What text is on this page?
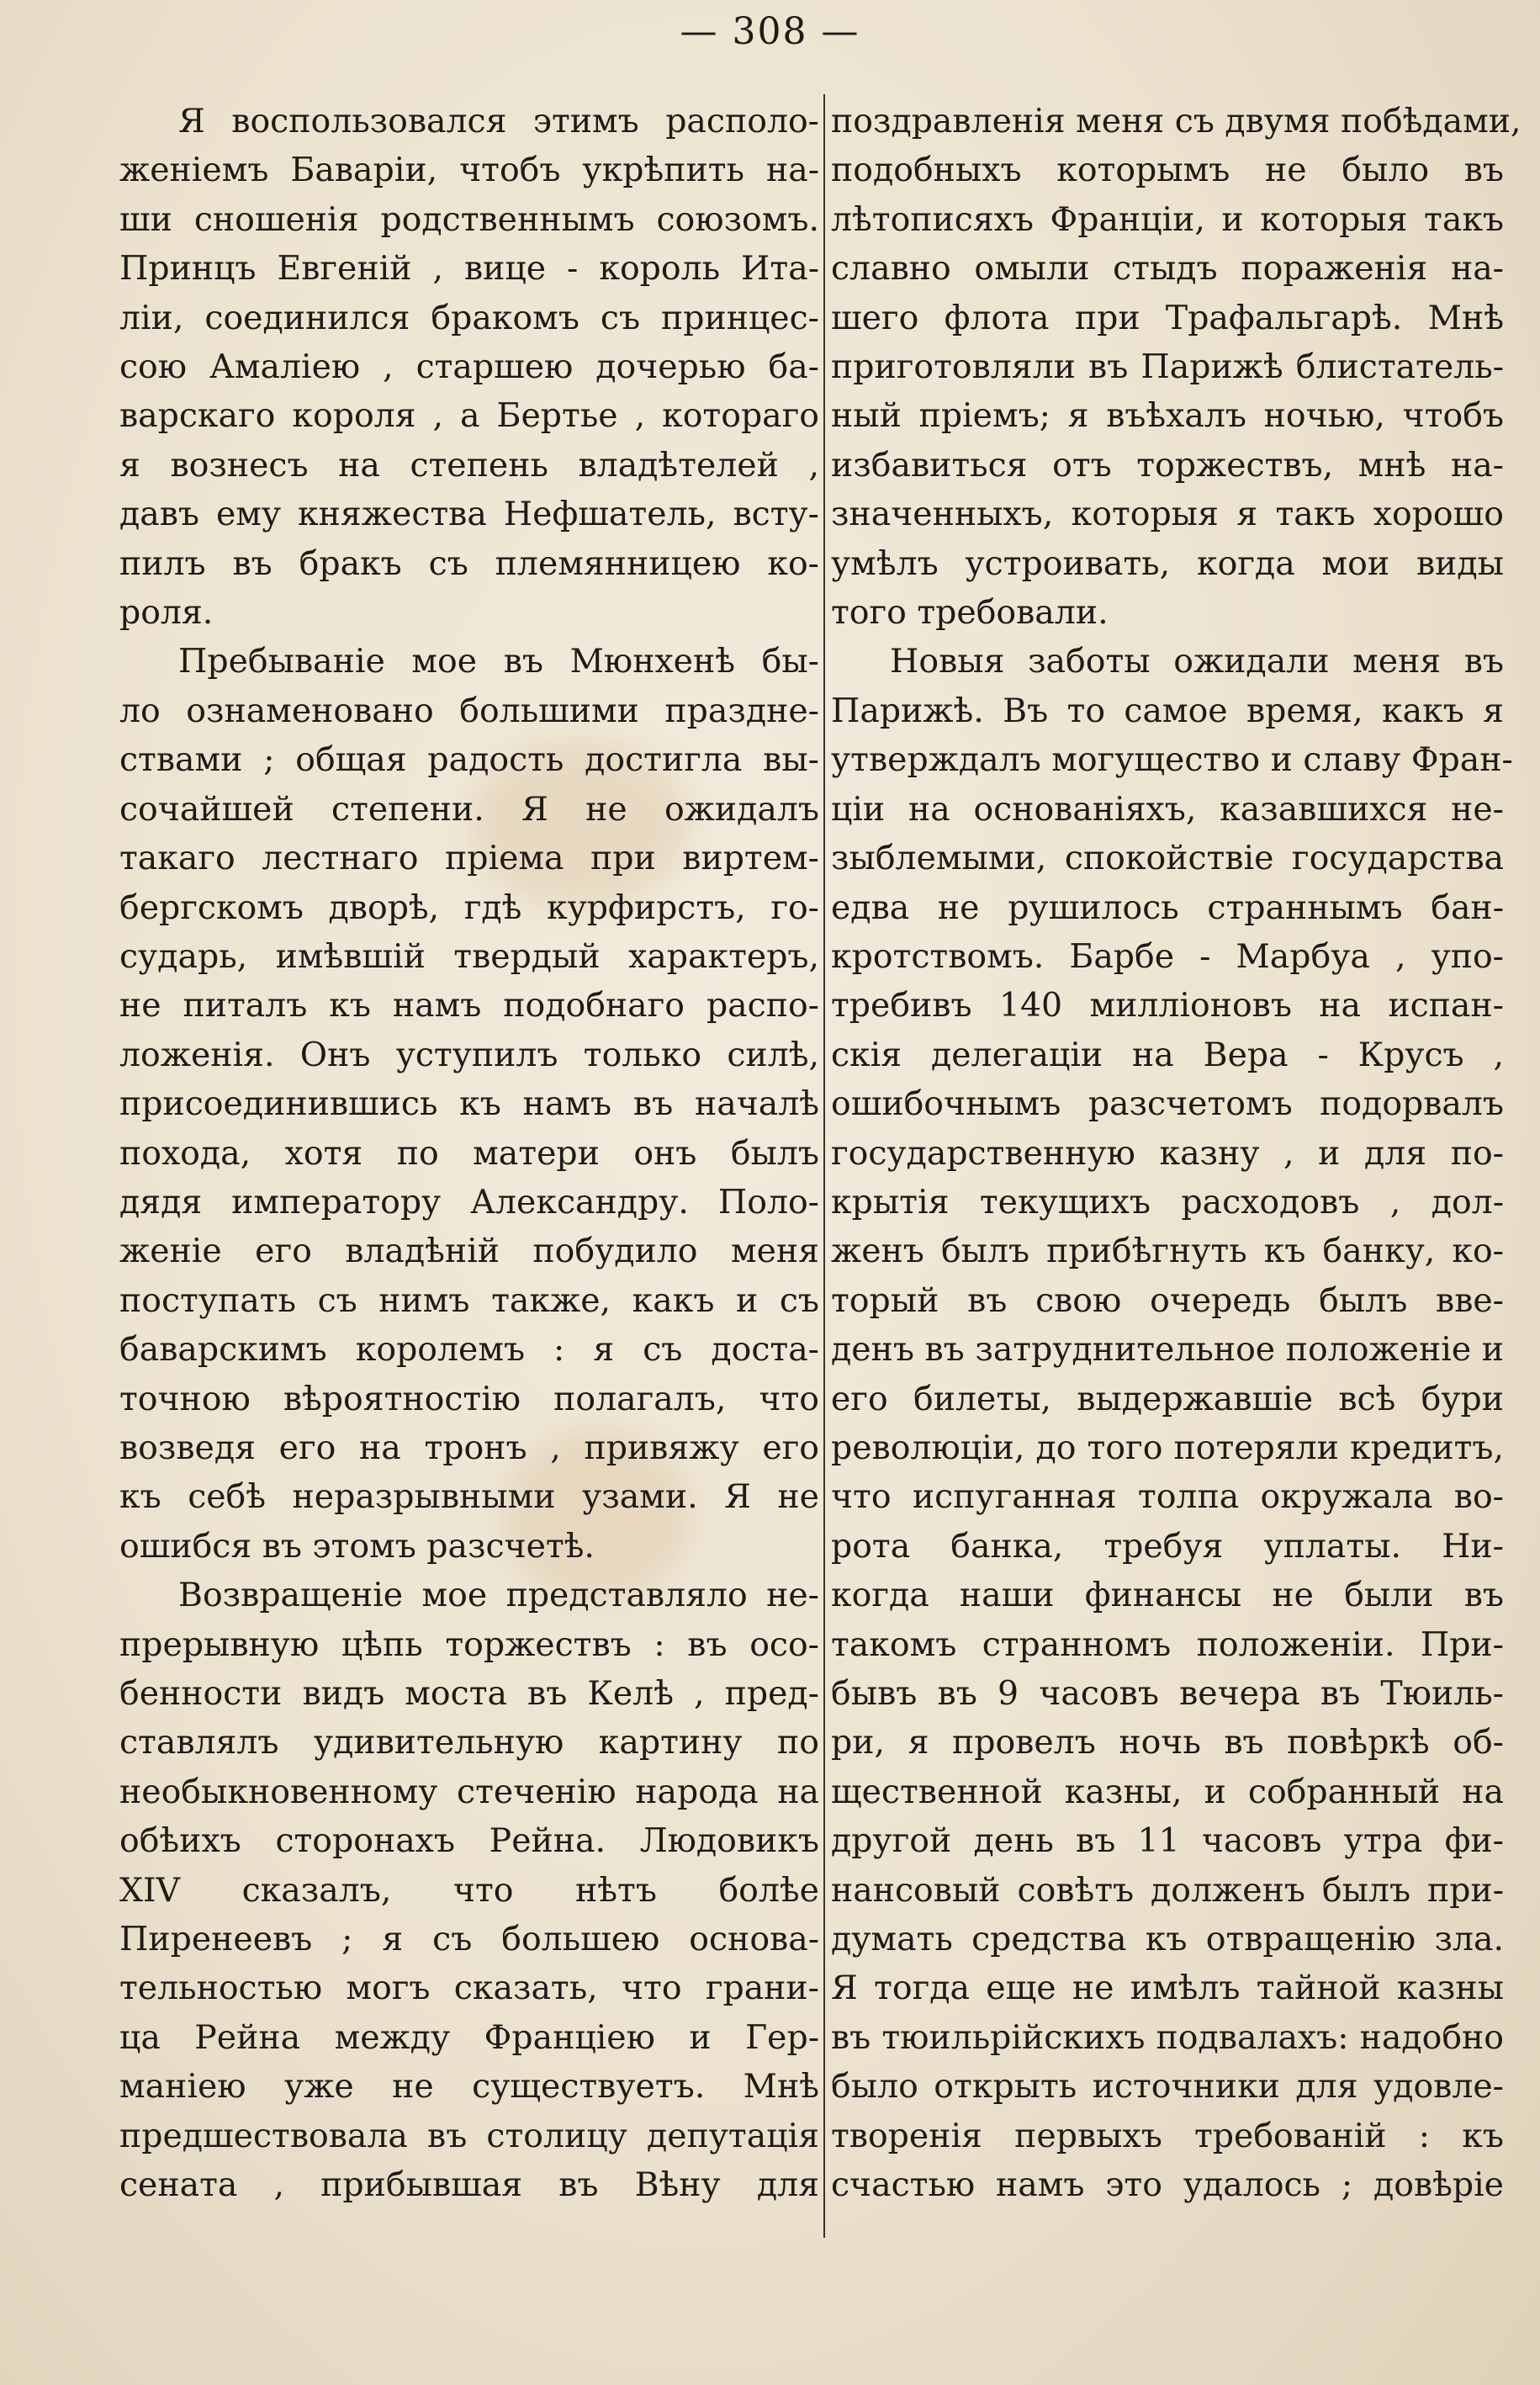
— 308 —
Я воспользовался этимъ располо-
женіемъ Баваріи, чтобъ укрѣпить на-
ши сношенія родственнымъ союзомъ.
Принцъ Евгеній , вице - король Ита-
ліи, соединился бракомъ съ принцес-
сою Амаліею , старшею дочерью ба-
варскаго короля , а Бертье , котораго
я вознесъ на степень владѣтелей ,
давъ ему княжества Нефшатель, всту-
пилъ въ бракъ съ племянницею ко-
роля.
Пребываніе мое въ Мюнхенѣ бы-
ло ознаменовано большими праздне-
ствами ; общая радость достигла вы-
сочайшей степени. Я не ожидалъ
такаго лестнаго пріема при виртем-
бергскомъ дворѣ, гдѣ курфирстъ, го-
сударь, имѣвшій твердый характеръ,
не питалъ къ намъ подобнаго распо-
ложенія. Онъ уступилъ только силѣ,
присоединившись къ намъ въ началѣ
похода, хотя по матери онъ былъ
дядя императору Александру. Поло-
женіе его владѣній побудило меня
поступать съ нимъ также, какъ и съ
баварскимъ королемъ : я съ доста-
точною вѣроятностію полагалъ, что
возведя его на тронъ , привяжу его
къ себѣ неразрывными узами. Я не
ошибся въ этомъ разсчетѣ.
Возвращеніе мое представляло не-
прерывную цѣпь торжествъ : въ осо-
бенности видъ моста въ Келѣ , пред-
ставлялъ удивительную картину по
необыкновенному стеченію народа на
обѣихъ сторонахъ Рейна. Людовикъ
XIV сказалъ, что нѣтъ болѣе
Пиренеевъ ; я съ большею основа-
тельностью могъ сказать, что грани-
ца Рейна между Франціею и Гер-
маніею уже не существуетъ. Мнѣ
предшествовала въ столицу депутація
сената , прибывшая въ Вѣну для
поздравленія меня съ двумя побѣдами,
подобныхъ которымъ не было въ
лѣтописяхъ Франціи, и которыя такъ
славно омыли стыдъ пораженія на-
шего флота при Трафальгарѣ. Мнѣ
приготовляли въ Парижѣ блистатель-
ный пріемъ; я въѣхалъ ночью, чтобъ
избавиться отъ торжествъ, мнѣ на-
значенныхъ, которыя я такъ хорошо
умѣлъ устроивать, когда мои виды
того требовали.
Новыя заботы ожидали меня въ
Парижѣ. Въ то самое время, какъ я
утверждалъ могущество и славу Фран-
ціи на основаніяхъ, казавшихся не-
зыблемыми, спокойствіе государства
едва не рушилось страннымъ бан-
кротствомъ. Барбе - Марбуа , упо-
требивъ 140 милліоновъ на испан-
скія делегаціи на Вера - Крусъ ,
ошибочнымъ разсчетомъ подорвалъ
государственную казну , и для по-
крытія текущихъ расходовъ , дол-
женъ былъ прибѣгнуть къ банку, ко-
торый въ свою очередь былъ вве-
денъ въ затруднительное положеніе и
его билеты, выдержавшіе всѣ бури
революціи, до того потеряли кредитъ,
что испуганная толпа окружала во-
рота банка, требуя уплаты. Ни-
когда наши финансы не были въ
такомъ странномъ положеніи. При-
бывъ въ 9 часовъ вечера въ Тюиль-
ри, я провелъ ночь въ повѣркѣ об-
щественной казны, и собранный на
другой день въ 11 часовъ утра фи-
нансовый совѣтъ долженъ былъ при-
думать средства къ отвращенію зла.
Я тогда еще не имѣлъ тайной казны
въ тюильрійскихъ подвалахъ: надобно
было открыть источники для удовле-
творенія первыхъ требованій : къ
счастью намъ это удалось ; довѣріе
